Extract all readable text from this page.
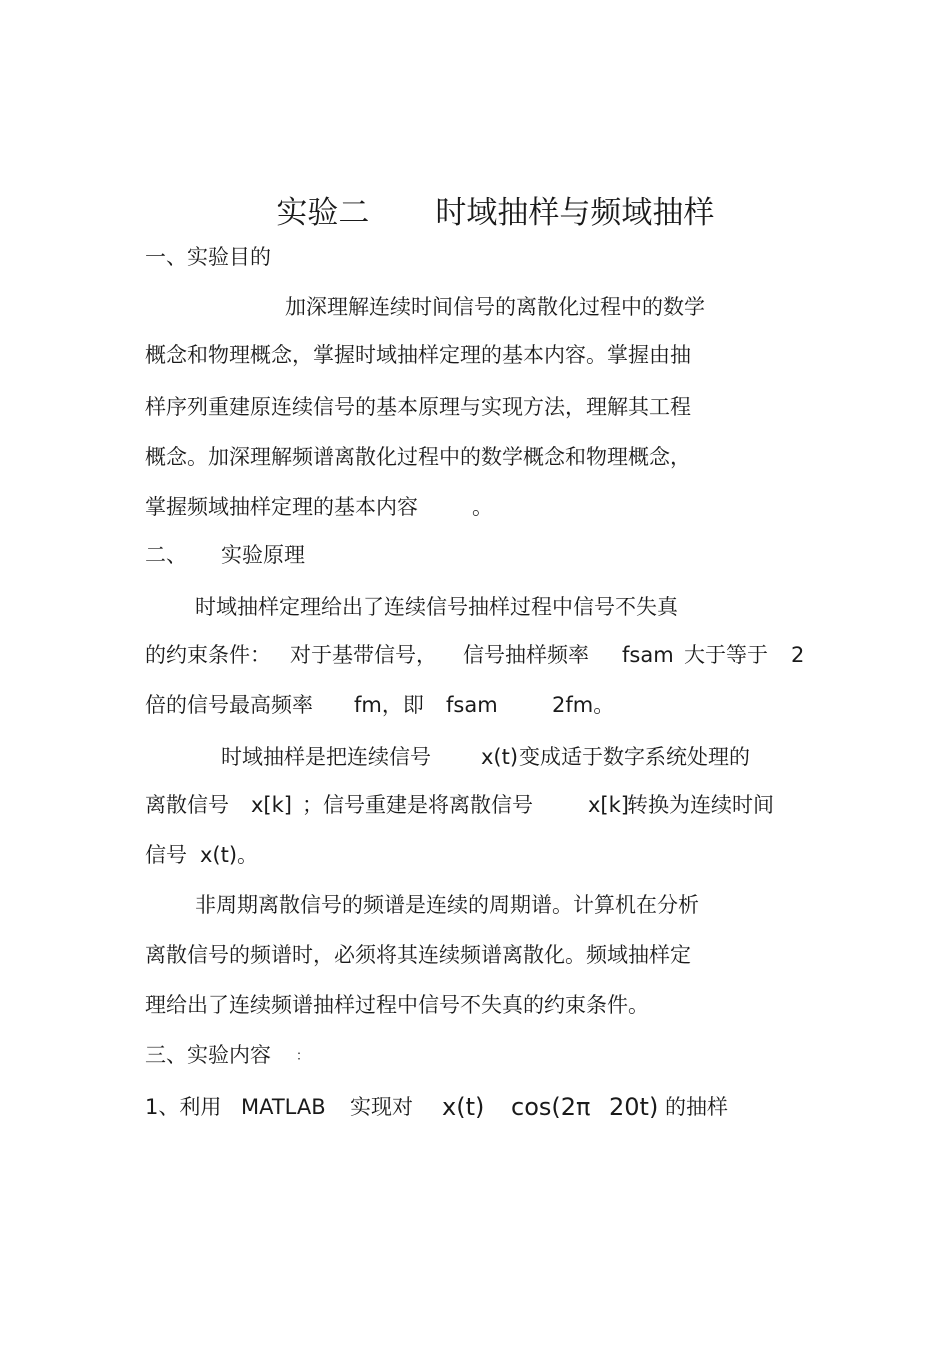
实验二
	时域抽样与频域抽样

一、实验目的
加深理解连续时间信号的离散化过程中的数学
概念和物理概念，掌握时域抽样定理的基本内容。掌握由抽
样序列重建原连续信号的基本原理与实现方法，理解其工程
概念。加深理解频谱离散化过程中的数学概念和物理概念，
掌握频域抽样定理的基本内容	。
二、 实验原理
时域抽样定理给出了连续信号抽样过程中信号不失真
的约束条件： 对于基带信号， 信号抽样频率 fsam 大于等于 2
倍的信号最高频率 fm，即 fsam	2fm。
时域抽样是把连续信号 x(t) 变成适于数字系统处理的
离散信号 x[k] ；信号重建是将离散信号	x[k]
转换为连续时间
信号 x(t)。
非周期离散信号的频谱是连续的周期谱。计算机在分析
离散信号的频谱时，必须将其连续频谱离散化。频域抽样定
理给出了连续频谱抽样过程中信号不失真的约束条件。
三、实验内容 ：
1、利用 MATLAB 实现对 x(t) cos(2π 20t) 的抽样
